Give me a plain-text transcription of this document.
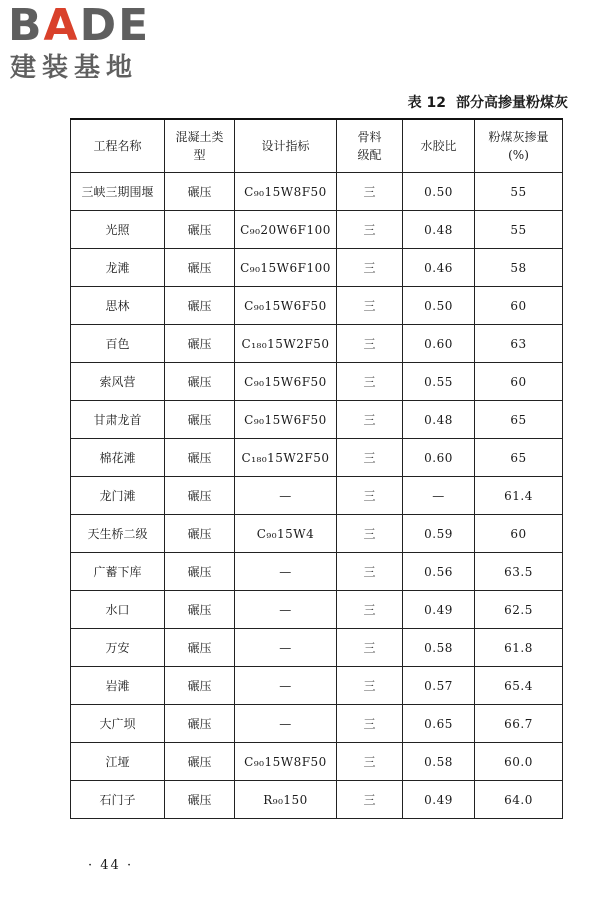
BADE
建装基地
表 12 部分高掺量粉煤灰
工程名称	混凝土类型	设计指标	骨料级配	水胶比	粉煤灰掺量(%)
三峡三期围堰	碾压	C₉₀15W8F50	三	0.50	55
光照	碾压	C₉₀20W6F100	三	0.48	55
龙滩	碾压	C₉₀15W6F100	三	0.46	58
思林	碾压	C₉₀15W6F50	三	0.50	60
百色	碾压	C₁₈₀15W2F50	三	0.60	63
索风营	碾压	C₉₀15W6F50	三	0.55	60
甘肃龙首	碾压	C₉₀15W6F50	三	0.48	65
棉花滩	碾压	C₁₈₀15W2F50	三	0.60	65
龙门滩	碾压	—	三	—	61.4
天生桥二级	碾压	C₉₀15W4	三	0.59	60
广蓄下库	碾压	—	三	0.56	63.5
水口	碾压	—	三	0.49	62.5
万安	碾压	—	三	0.58	61.8
岩滩	碾压	—	三	0.57	65.4
大广坝	碾压	—	三	0.65	66.7
江垭	碾压	C₉₀15W8F50	三	0.58	60.0
石门子	碾压	R₉₀150	三	0.49	64.0
· 44 ·
